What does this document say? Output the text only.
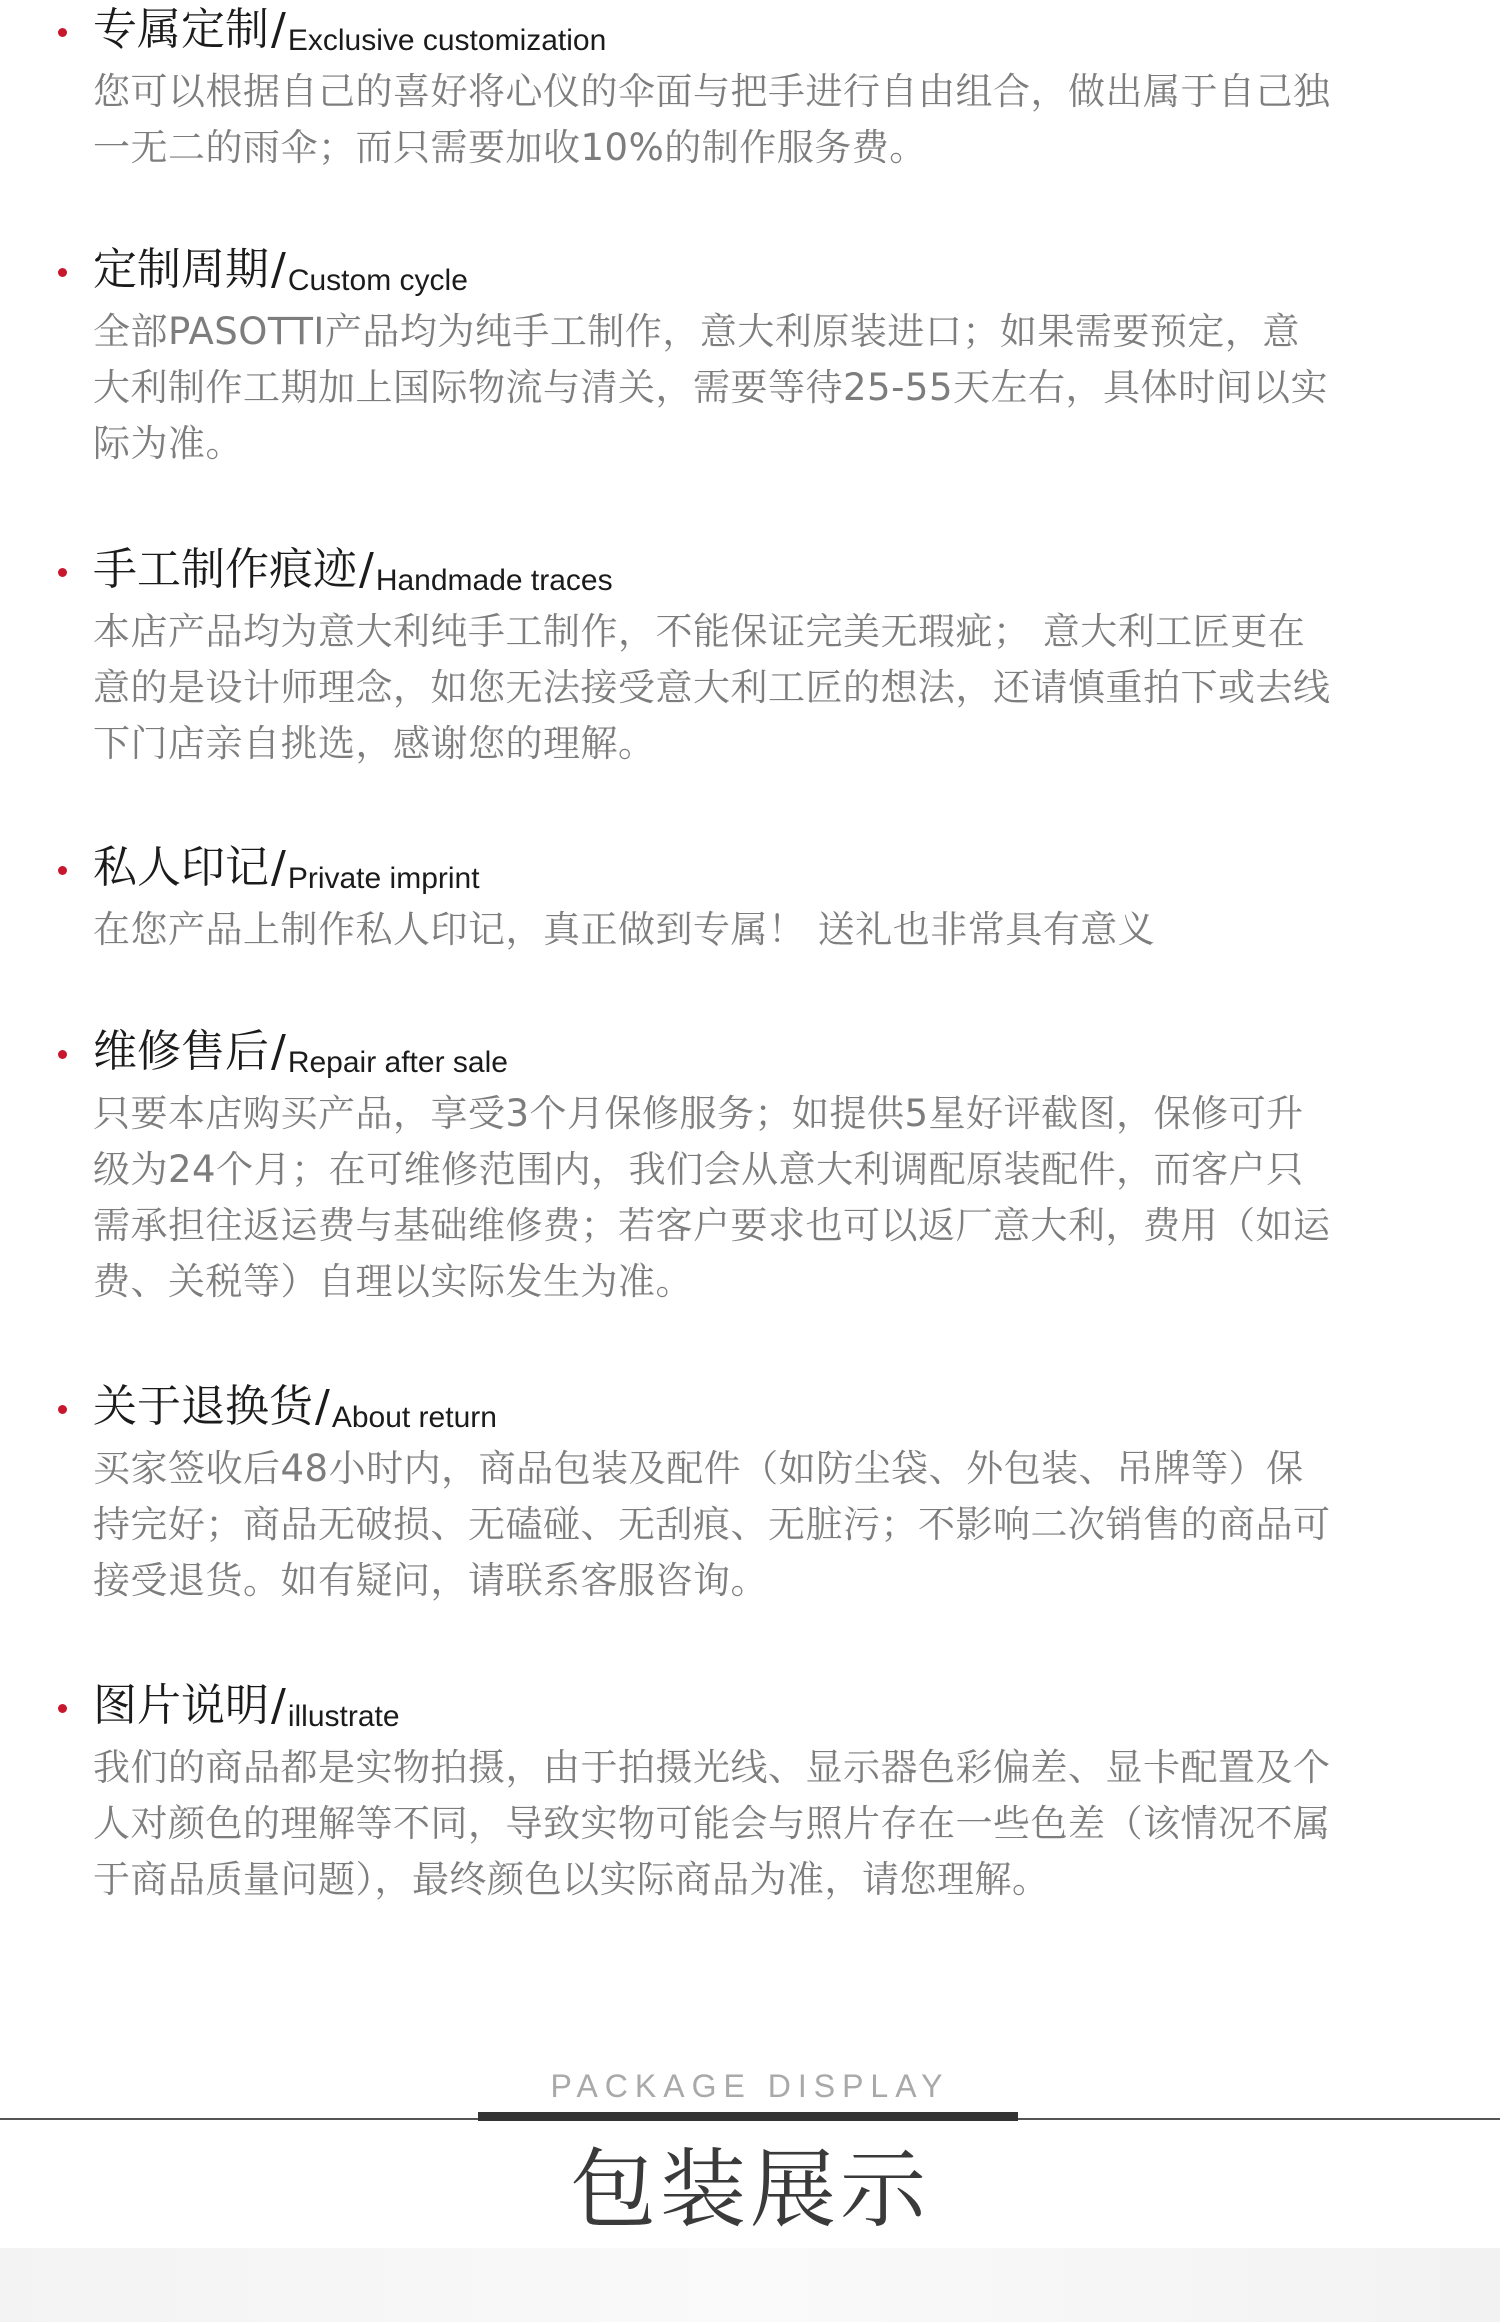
专属定制/Exclusive customization
您可以根据自己的喜好将心仪的伞面与把手进行自由组合，做出属于自己独
一无二的雨伞；而只需要加收10%的制作服务费。
定制周期/Custom cycle
全部PASOTTI产品均为纯手工制作，意大利原装进口；如果需要预定，意
大利制作工期加上国际物流与清关，需要等待25-55天左右，具体时间以实
际为准。
手工制作痕迹/Handmade traces
本店产品均为意大利纯手工制作，不能保证完美无瑕疵； 意大利工匠更在
意的是设计师理念，如您无法接受意大利工匠的想法，还请慎重拍下或去线
下门店亲自挑选，感谢您的理解。
私人印记/Private imprint
在您产品上制作私人印记，真正做到专属！ 送礼也非常具有意义
维修售后/Repair after sale
只要本店购买产品，享受3个月保修服务；如提供5星好评截图，保修可升
级为24个月；在可维修范围内，我们会从意大利调配原装配件，而客户只
需承担往返运费与基础维修费；若客户要求也可以返厂意大利，费用（如运
费、关税等）自理以实际发生为准。
关于退换货/About return
买家签收后48小时内，商品包装及配件（如防尘袋、外包装、吊牌等）保
持完好；商品无破损、无磕碰、无刮痕、无脏污；不影响二次销售的商品可
接受退货。如有疑问，请联系客服咨询。
图片说明/illustrate
我们的商品都是实物拍摄，由于拍摄光线、显示器色彩偏差、显卡配置及个
人对颜色的理解等不同，导致实物可能会与照片存在一些色差（该情况不属
于商品质量问题），最终颜色以实际商品为准，请您理解。
PACKAGE DISPLAY
包装展示
